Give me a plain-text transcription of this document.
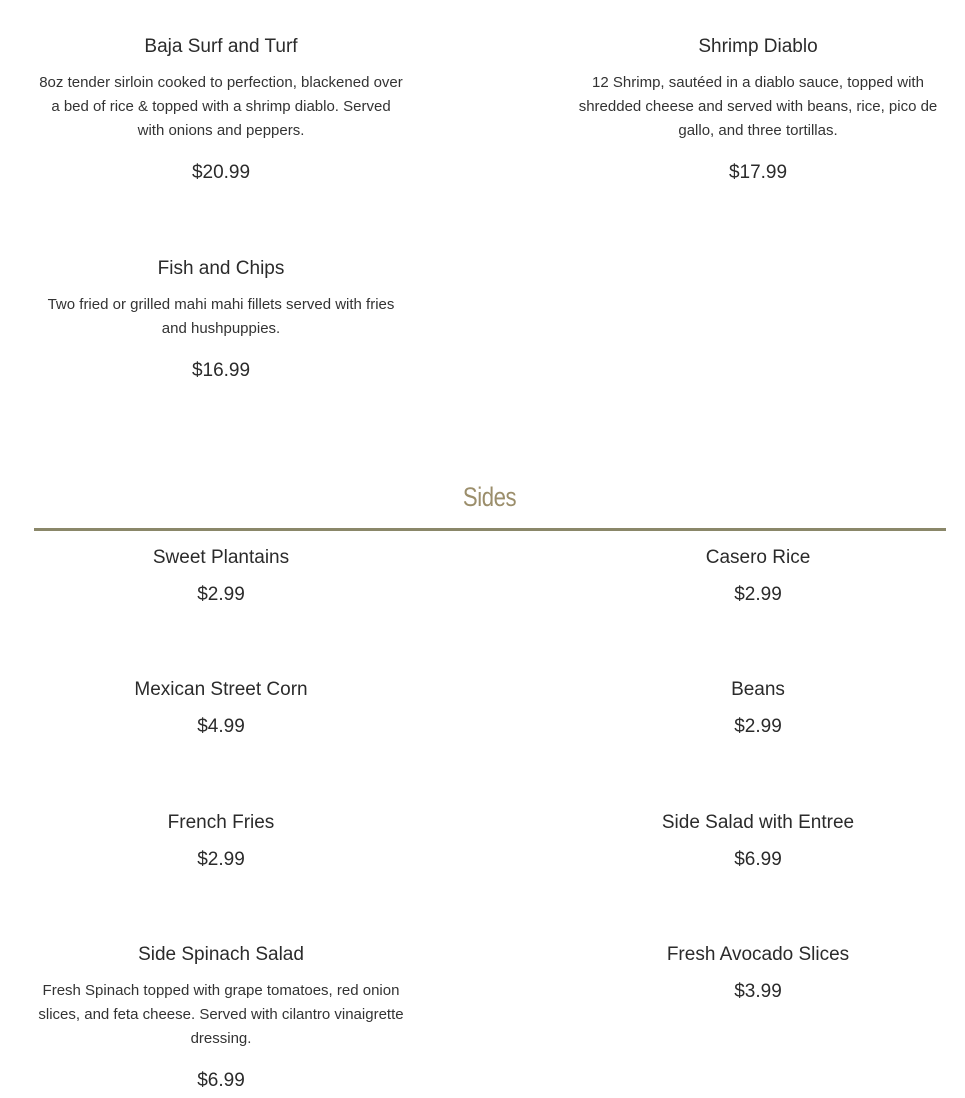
Baja Surf and Turf
8oz tender sirloin cooked to perfection, blackened over a bed of rice & topped with a shrimp diablo. Served with onions and peppers.
$20.99
Shrimp Diablo
12 Shrimp, sautéed in a diablo sauce, topped with shredded cheese and served with beans, rice, pico de gallo, and three tortillas.
$17.99
Fish and Chips
Two fried or grilled mahi mahi fillets served with fries and hushpuppies.
$16.99
Sides
Sweet Plantains
$2.99
Casero Rice
$2.99
Mexican Street Corn
$4.99
Beans
$2.99
French Fries
$2.99
Side Salad with Entree
$6.99
Side Spinach Salad
Fresh Spinach topped with grape tomatoes, red onion slices, and feta cheese. Served with cilantro vinaigrette dressing.
$6.99
Fresh Avocado Slices
$3.99
